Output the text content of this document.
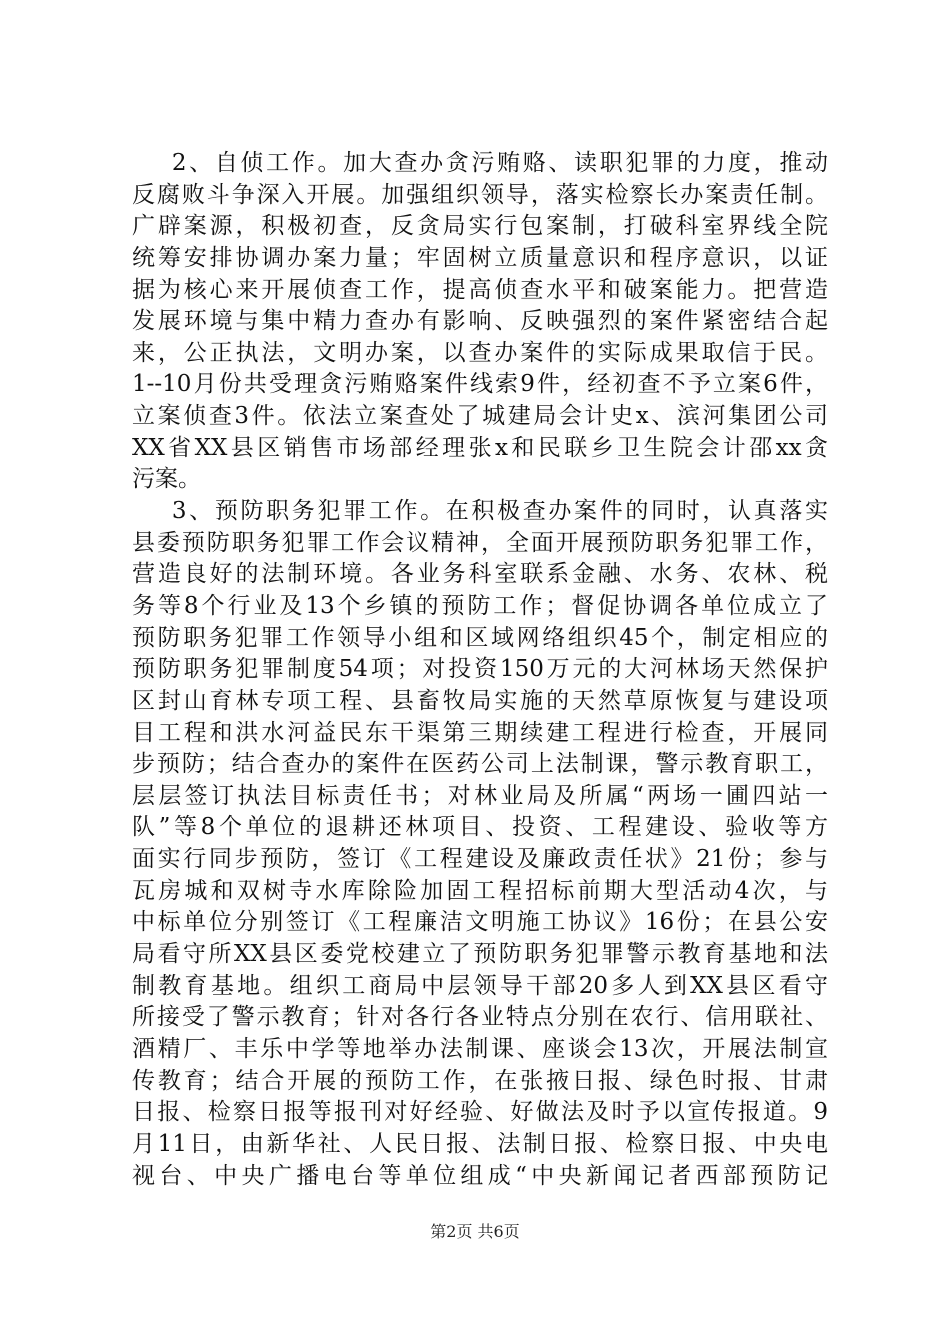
2、自侦工作。加大查办贪污贿赂、读职犯罪的力度，推动
反腐败斗争深入开展。加强组织领导，落实检察长办案责任制。
广辟案源，积极初查，反贪局实行包案制，打破科室界线全院
统筹安排协调办案力量；牢固树立质量意识和程序意识，以证
据为核心来开展侦查工作，提高侦查水平和破案能力。把营造
发展环境与集中精力查办有影响、反映强烈的案件紧密结合起
来，公正执法，文明办案，以查办案件的实际成果取信于民。
1--10月份共受理贪污贿赂案件线索9件，经初查不予立案6件，
立案侦查3件。依法立案查处了城建局会计史x、滨河集团公司
XX省XX县区销售市场部经理张x和民联乡卫生院会计邵xx贪
污案。
3、预防职务犯罪工作。在积极查办案件的同时，认真落实
县委预防职务犯罪工作会议精神，全面开展预防职务犯罪工作，
营造良好的法制环境。各业务科室联系金融、水务、农林、税
务等8个行业及13个乡镇的预防工作；督促协调各单位成立了
预防职务犯罪工作领导小组和区域网络组织45个，制定相应的
预防职务犯罪制度54项；对投资150万元的大河林场天然保护
区封山育林专项工程、县畜牧局实施的天然草原恢复与建设项
目工程和洪水河益民东干渠第三期续建工程进行检查，开展同
步预防；结合查办的案件在医药公司上法制课，警示教育职工，
层层签订执法目标责任书；对林业局及所属“两场一圃四站一
队”等8个单位的退耕还林项目、投资、工程建设、验收等方
面实行同步预防，签订《工程建设及廉政责任状》21份；参与
瓦房城和双树寺水库除险加固工程招标前期大型活动4次，与
中标单位分别签订《工程廉洁文明施工协议》16份；在县公安
局看守所XX县区委党校建立了预防职务犯罪警示教育基地和法
制教育基地。组织工商局中层领导干部20多人到XX县区看守
所接受了警示教育；针对各行各业特点分别在农行、信用联社、
酒精厂、丰乐中学等地举办法制课、座谈会13次，开展法制宣
传教育；结合开展的预防工作，在张掖日报、绿色时报、甘肃
日报、检察日报等报刊对好经验、好做法及时予以宣传报道。9
月11日，由新华社、人民日报、法制日报、检察日报、中央电
视台、中央广播电台等单位组成“中央新闻记者西部预防记
第2页 共6页
